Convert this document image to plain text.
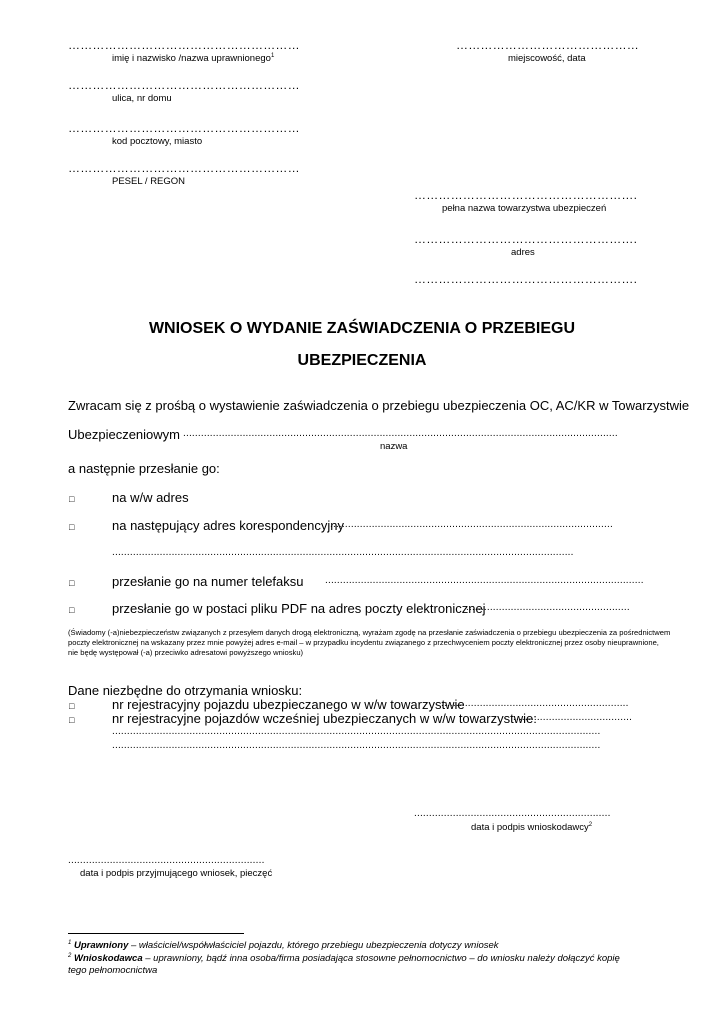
…………………………………………………
imię i nazwisko /nazwa uprawnionego$^1$
…………………………………………………
ulica, nr domu
…………………………………………………
kod pocztowy, miasto
…………………………………………………
PESEL / REGON
………………………………………
miejscowość, data
……………………………………………….
pełna nazwa towarzystwa ubezpieczeń
……………………………………………….
adres
……………………………………………….
WNIOSEK O WYDANIE ZAŚWIADCZENIA O PRZEBIEGU
UBEZPIECZENIA
Zwracam się z prośbą o wystawienie zaświadczenia o przebiegu ubezpieczenia OC, AC/KR w Towarzystwie
Ubezpieczeniowym ..................................................................................................................................................
nazwa
a następnie przesłanie go:
□	na w/w adres
□	na następujący adres korespondencyjny
...............................................................................................
...........................................................................................................................................................
□	przesłanie go na numer telefaksu ...........................................................................................................
□	przesłanie go w postaci pliku PDF na adres poczty elektronicznej
.......................................................
(Świadomy (-a)niebezpieczeństw związanych z przesyłem danych drogą elektroniczną, wyrażam zgodę na przesłanie zaświadczenia o przebiegu ubezpieczenia za pośrednictwem
poczty elektronicznej na wskazany przez mnie powyżej adres e-mail – w przypadku incydentu związanego z przechwyceniem poczty elektronicznej przez osoby nieuprawnione,
nie będę występował (-a) przeciwko adresatowi powyższego wniosku)
Dane niezbędne do otrzymania wniosku:
□	nr rejestracyjny pojazdu ubezpieczanego w w/w towarzystwie
...............................................................
□	nr rejestracyjne pojazdów wcześniej ubezpieczanych w w/w towarzystwie:
........................................
....................................................................................................................................................................
....................................................................................................................................................................
..................................................................
data i podpis wnioskodawcy$^2$
..................................................................
data i podpis przyjmującego wniosek, pieczęć
$^1$ Uprawniony – właściciel/współwłaściciel pojazdu, którego przebiegu ubezpieczenia dotyczy wniosek
$^2$ Wnioskodawca – uprawniony, bądź inna osoba/firma posiadająca stosowne pełnomocnictwo – do wniosku należy dołączyć kopię
tego pełnomocnictwa
